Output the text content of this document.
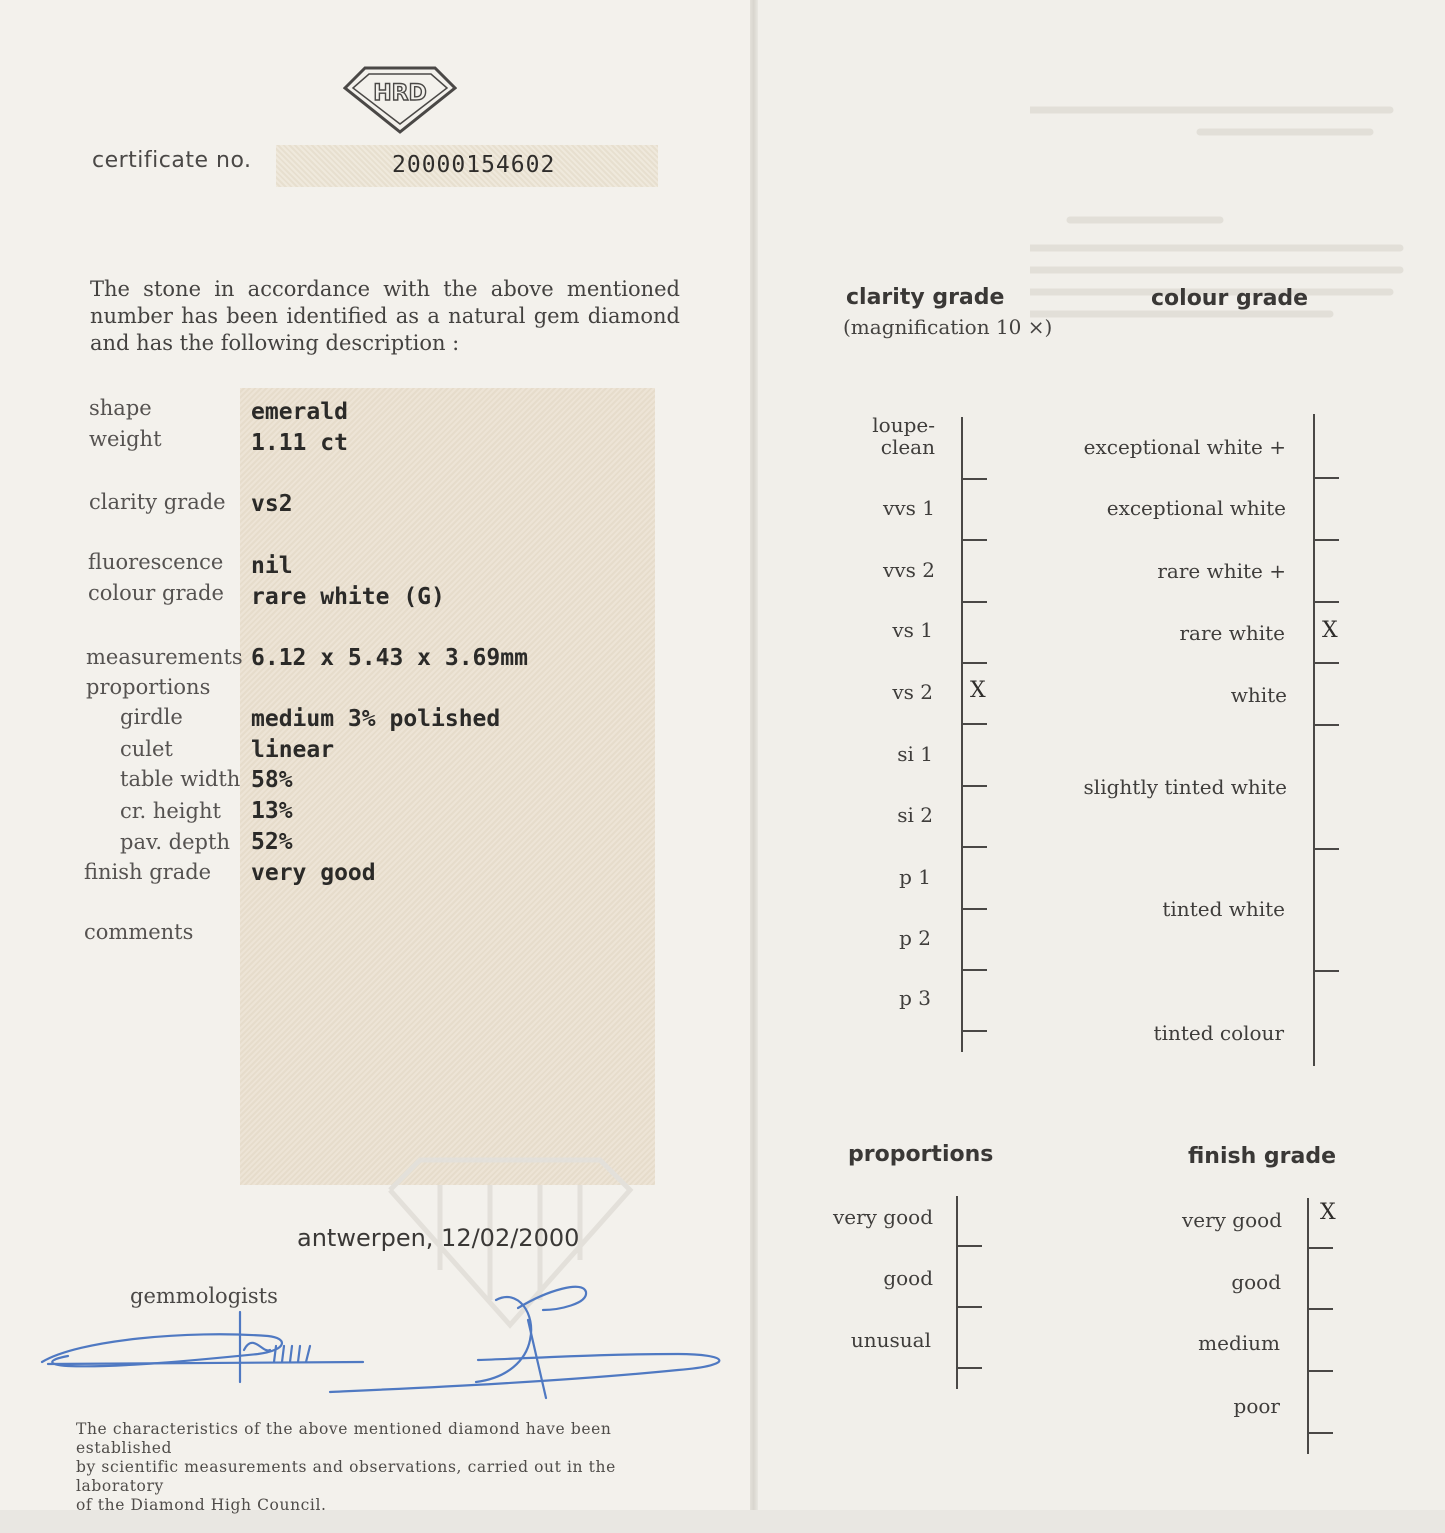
HRD
certificate no.	20000154602
The stone in accordance with the above mentioned number has been identified as a natural gem diamond and has the following description :
shape	emerald
weight	1.11 ct
clarity grade vs2
fluorescence nil
colour grade rare white (G)
measurements 6.12 x 5.43 x 3.69mm
proportions
girdle	medium 3% polished
culet	linear
table width 58%
cr. height 13%
pav. depth 52%
finish grade very good
comments
antwerpen, 12/02/2000
gemmologists
The characteristics of the above mentioned diamond have been established
by scientific measurements and observations, carried out in the laboratory
of the Diamond High Council.
clarity grade
(magnification 10 ×)
colour grade
loupe-
clean
vvs 1
vvs 2
vs 1
vs 2
si 1
si 2
p 1
p 2
p 3
X
exceptional white +
exceptional white
rare white +
rare white
white
slightly tinted white
tinted white
tinted colour
X
proportions
very good
good
unusual
finish grade
very good
good
medium
poor
X
